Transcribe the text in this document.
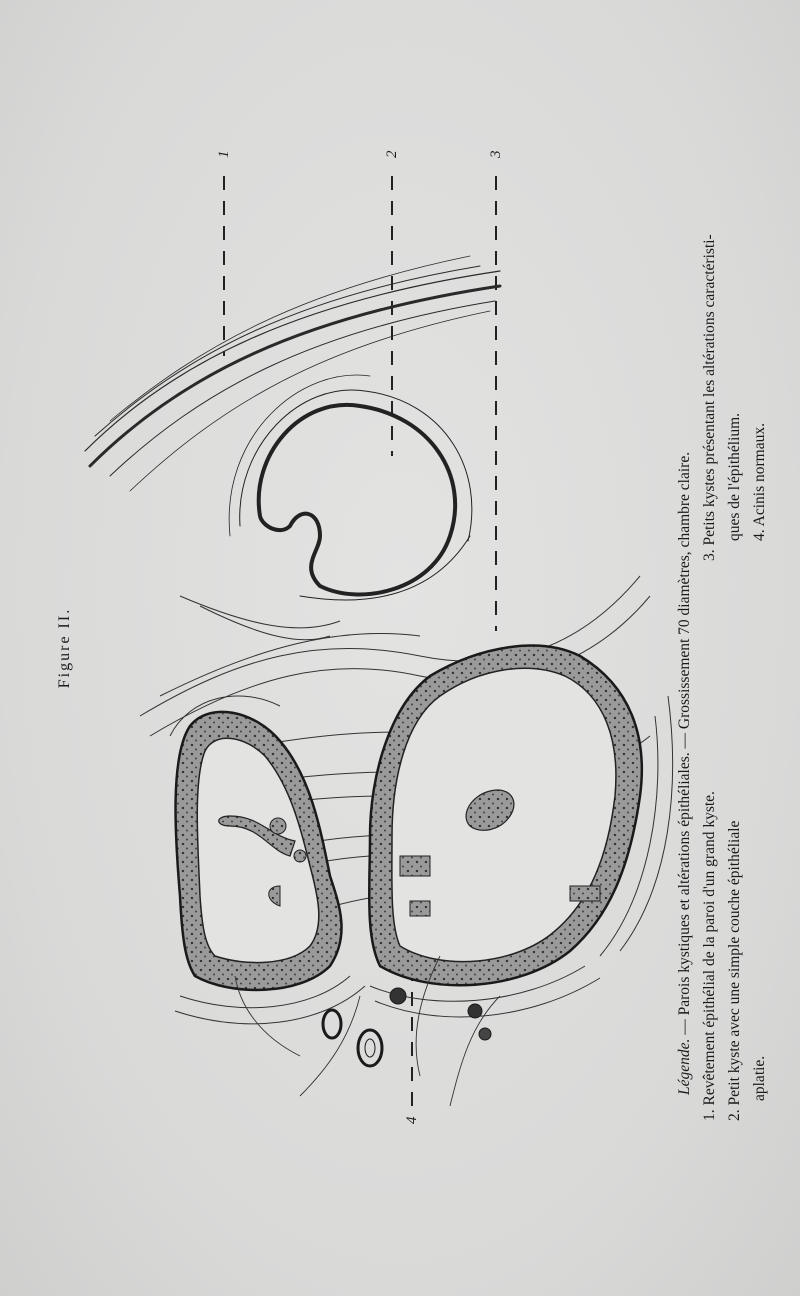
Figure II.
1	2	3
4
Légende. — Parois kystiques et altérations épithéliales. — Grossissement 70 diamètres, chambre claire.
1. Revêtement épithélial de la paroi d'un grand kyste.
3. Petits kystes présentant les altérations caractéristi-
2. Petit kyste avec une simple couche épithéliale
ques de l'épithélium.
aplatie.
4. Acinis normaux.
